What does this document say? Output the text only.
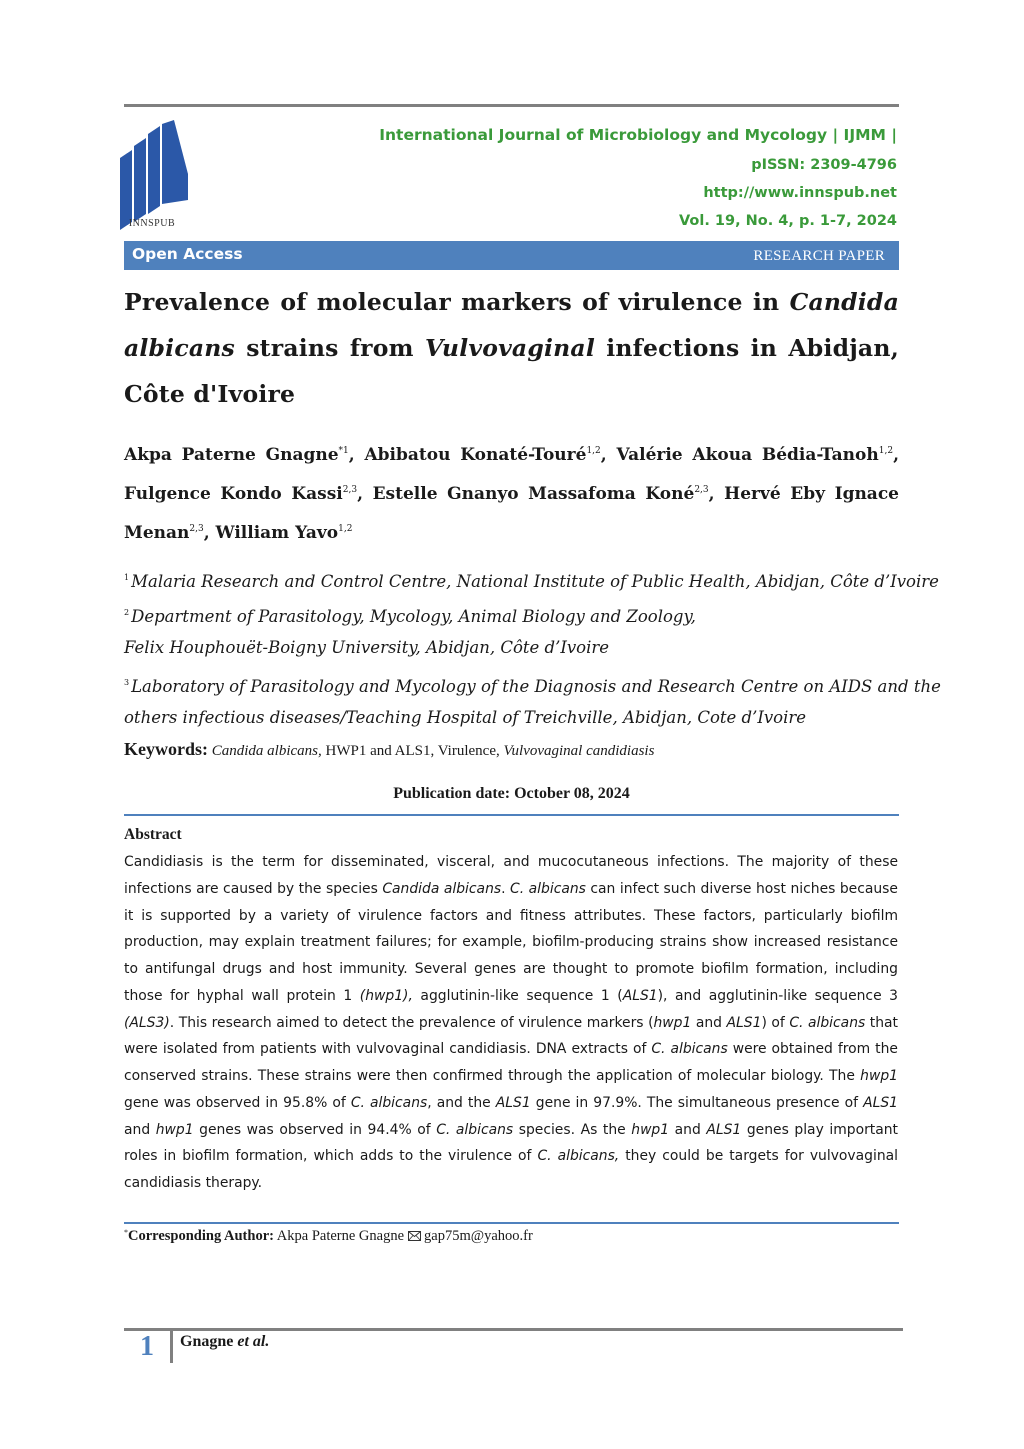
INNSPUB
International Journal of Microbiology and Mycology | IJMM |
pISSN: 2309-4796
http://www.innspub.net
Vol. 19, No. 4, p. 1-7, 2024
Open Access	RESEARCH PAPER
Prevalence of molecular markers of virulence in Candida albicans strains from Vulvovaginal infections in Abidjan, Côte d'Ivoire
Akpa Paterne Gnagne$^{*1}$, Abibatou Konaté-Touré$^{1,2}$, Valérie Akoua Bédia-Tanoh$^{1,2}$, Fulgence Kondo Kassi$^{2,3}$, Estelle Gnanyo Massafoma Koné$^{2,3}$, Hervé Eby Ignace Menan$^{2,3}$, William Yavo$^{1,2}$
$^1$ Malaria Research and Control Centre, National Institute of Public Health, Abidjan, Côte d’Ivoire
$^2$ Department of Parasitology, Mycology, Animal Biology and Zoology,
Felix Houphouët-Boigny University, Abidjan, Côte d’Ivoire
$^3$ Laboratory of Parasitology and Mycology of the Diagnosis and Research Centre on AIDS and the
others infectious diseases/Teaching Hospital of Treichville, Abidjan, Cote d’Ivoire
Keywords: Candida albicans, HWP1 and ALS1, Virulence, Vulvovaginal candidiasis
Publication date: October 08, 2024
Abstract
Candidiasis is the term for disseminated, visceral, and mucocutaneous infections. The majority of these infections are caused by the species Candida albicans. C. albicans can infect such diverse host niches because it is supported by a variety of virulence factors and fitness attributes. These factors, particularly biofilm production, may explain treatment failures; for example, biofilm-producing strains show increased resistance to antifungal drugs and host immunity. Several genes are thought to promote biofilm formation, including those for hyphal wall protein 1 (hwp1), agglutinin-like sequence 1 (ALS1), and agglutinin-like sequence 3 (ALS3). This research aimed to detect the prevalence of virulence markers (hwp1 and ALS1) of C. albicans that were isolated from patients with vulvovaginal candidiasis. DNA extracts of C. albicans were obtained from the conserved strains. These strains were then confirmed through the application of molecular biology. The hwp1 gene was observed in 95.8% of C. albicans, and the ALS1 gene in 97.9%. The simultaneous presence of ALS1 and hwp1 genes was observed in 94.4% of C. albicans species. As the hwp1 and ALS1 genes play important roles in biofilm formation, which adds to the virulence of C. albicans, they could be targets for vulvovaginal candidiasis therapy.
*Corresponding Author: Akpa Paterne Gnagne gap75m@yahoo.fr
1 Gnagne et al.
